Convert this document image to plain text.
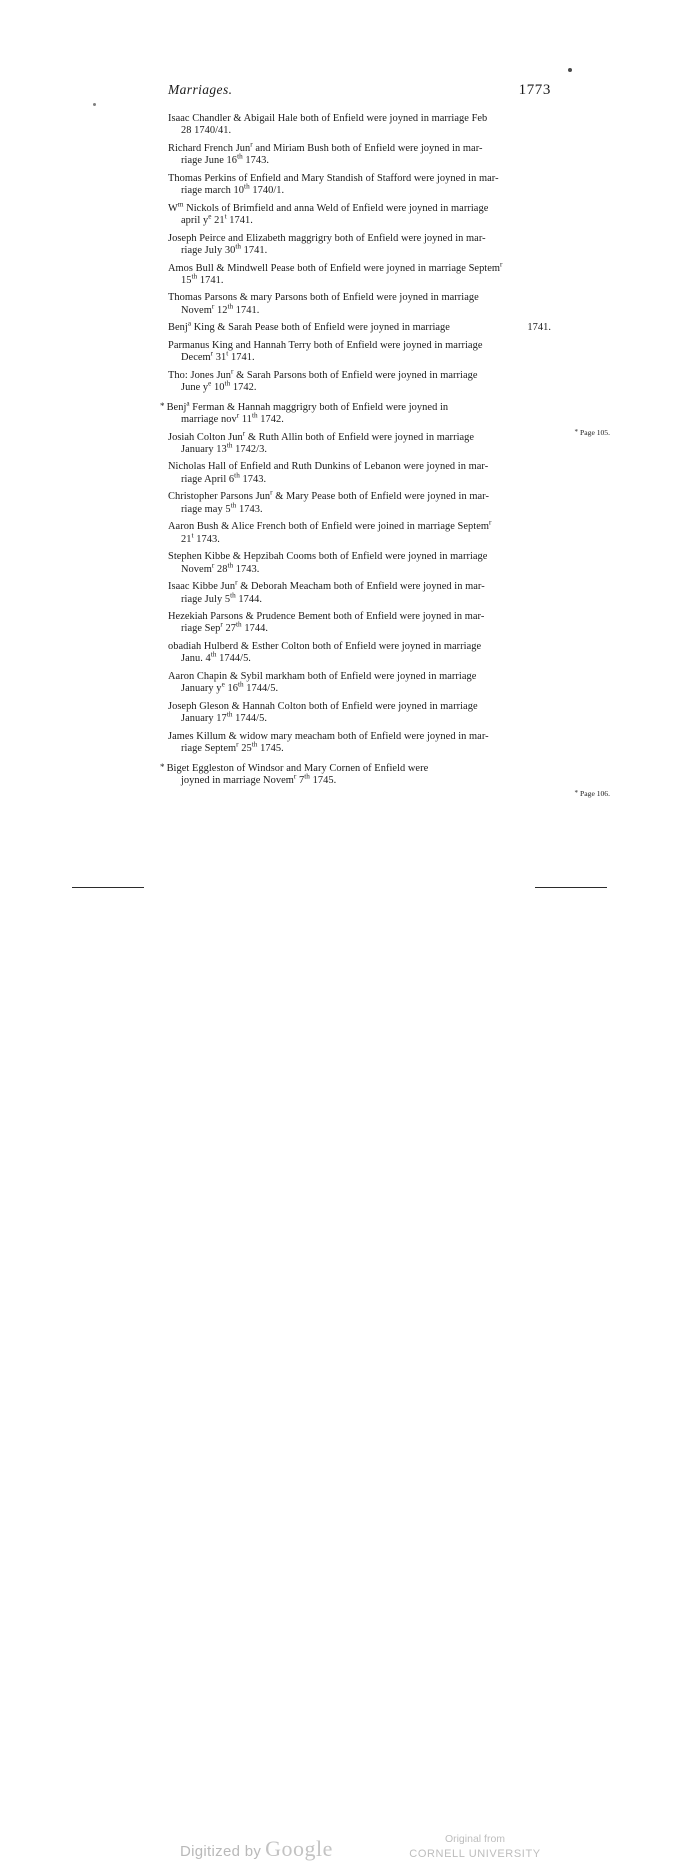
Marriages.	1773
Isaac Chandler & Abigail Hale both of Enfield were joyned in marriage Feb
28 1740/41.
Richard French Jun$^r$ and Miriam Bush both of Enfield were joyned in mar-
riage June 16th 1743.
Thomas Perkins of Enfield and Mary Standish of Stafford were joyned in mar-
riage march 10th 1740/1.
$W^m$ Nickols of Brimfield and anna Weld of Enfield were joyned in marriage
april $y^e$ 21$^t$ 1741.
Joseph Peirce and Elizabeth maggrigry both of Enfield were joyned in mar-
riage July 30th 1741.
Amos Bull & Mindwell Pease both of Enfield were joyned in marriage Septem$^r$
15th 1741.
Thomas Parsons & mary Parsons both of Enfield were joyned in marriage
Novem$^r$ 12th 1741.
Benj$^a$ King & Sarah Pease both of Enfield were joyned in marriage	1741.
Parmanus King and Hannah Terry both of Enfield were joyned in marriage
Decem$^r$ 31$^t$ 1741.
Tho: Jones Jun$^r$ & Sarah Parsons both of Enfield were joyned in marriage
June $y^e$ 10th 1742.
* Benj$^a$ Ferman & Hannah maggrigry both of Enfield were joyned in
marriage nov$^r$ 11th 1742.
* Page 105.
Josiah Colton Jun$^r$ & Ruth Allin both of Enfield were joyned in marriage
January 13th 1742/3.
Nicholas Hall of Enfield and Ruth Dunkins of Lebanon were joyned in mar-
riage April 6th 1743.
Christopher Parsons Jun$^r$ & Mary Pease both of Enfield were joyned in mar-
riage may 5th 1743.
Aaron Bush & Alice French both of Enfield were joined in marriage Septem$^r$
21$^t$ 1743.
Stephen Kibbe & Hepzibah Cooms both of Enfield were joyned in marriage
Novem$^r$ 28th 1743.
Isaac Kibbe Jun$^r$ & Deborah Meacham both of Enfield were joyned in mar-
riage July 5th 1744.
Hezekiah Parsons & Prudence Bement both of Enfield were joyned in mar-
riage Sep$^r$ 27th 1744.
obadiah Hulberd & Esther Colton both of Enfield were joyned in marriage
Janu. 4th 1744/5.
Aaron Chapin & Sybil markham both of Enfield were joyned in marriage
January $y^e$ 16th 1744/5.
Joseph Gleson & Hannah Colton both of Enfield were joyned in marriage
January 17th 1744/5.
James Killum & widow mary meacham both of Enfield were joyned in mar-
riage Septem$^r$ 25th 1745.
* Biget Eggleston of Windsor and Mary Cornen of Enfield were
joyned in marriage Novem$^r$ 7th 1745.
* Page 106.
Digitized by Google	Original from
CORNELL UNIVERSITY
